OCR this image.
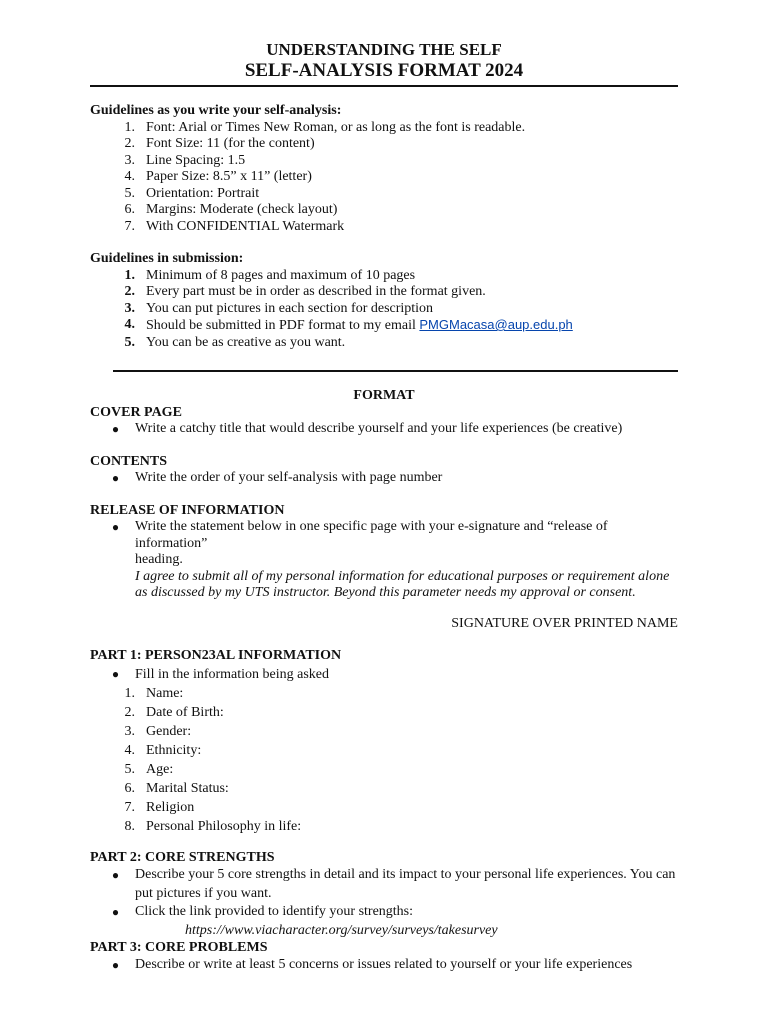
UNDERSTANDING THE SELF
SELF-ANALYSIS FORMAT 2024
Guidelines as you write your self-analysis:
1. Font: Arial or Times New Roman, or as long as the font is readable.
2. Font Size: 11 (for the content)
3. Line Spacing: 1.5
4. Paper Size: 8.5” x 11” (letter)
5. Orientation: Portrait
6. Margins: Moderate (check layout)
7. With CONFIDENTIAL Watermark
Guidelines in submission:
1. Minimum of 8 pages and maximum of 10 pages
2. Every part must be in order as described in the format given.
3. You can put pictures in each section for description
4. Should be submitted in PDF format to my email PMGMacasa@aup.edu.ph
5. You can be as creative as you want.
FORMAT
COVER PAGE
●	Write a catchy title that would describe yourself and your life experiences (be creative)
CONTENTS
●	Write the order of your self-analysis with page number
RELEASE OF INFORMATION
●	Write the statement below in one specific page with your e-signature and “release of information”
heading.
I agree to submit all of my personal information for educational purposes or requirement alone
as discussed by my UTS instructor. Beyond this parameter needs my approval or consent.
SIGNATURE OVER PRINTED NAME
PART 1: PERSON23AL INFORMATION
●	Fill in the information being asked
1. Name:
2. Date of Birth:
3. Gender:
4. Ethnicity:
5. Age:
6. Marital Status:
7. Religion
8. Personal Philosophy in life:
PART 2: CORE STRENGTHS
●	Describe your 5 core strengths in detail and its impact to your personal life experiences. You can
put pictures if you want.
●	Click the link provided to identify your strengths:
https://www.viacharacter.org/survey/surveys/takesurvey
PART 3: CORE PROBLEMS
●	Describe or write at least 5 concerns or issues related to yourself or your life experiences
